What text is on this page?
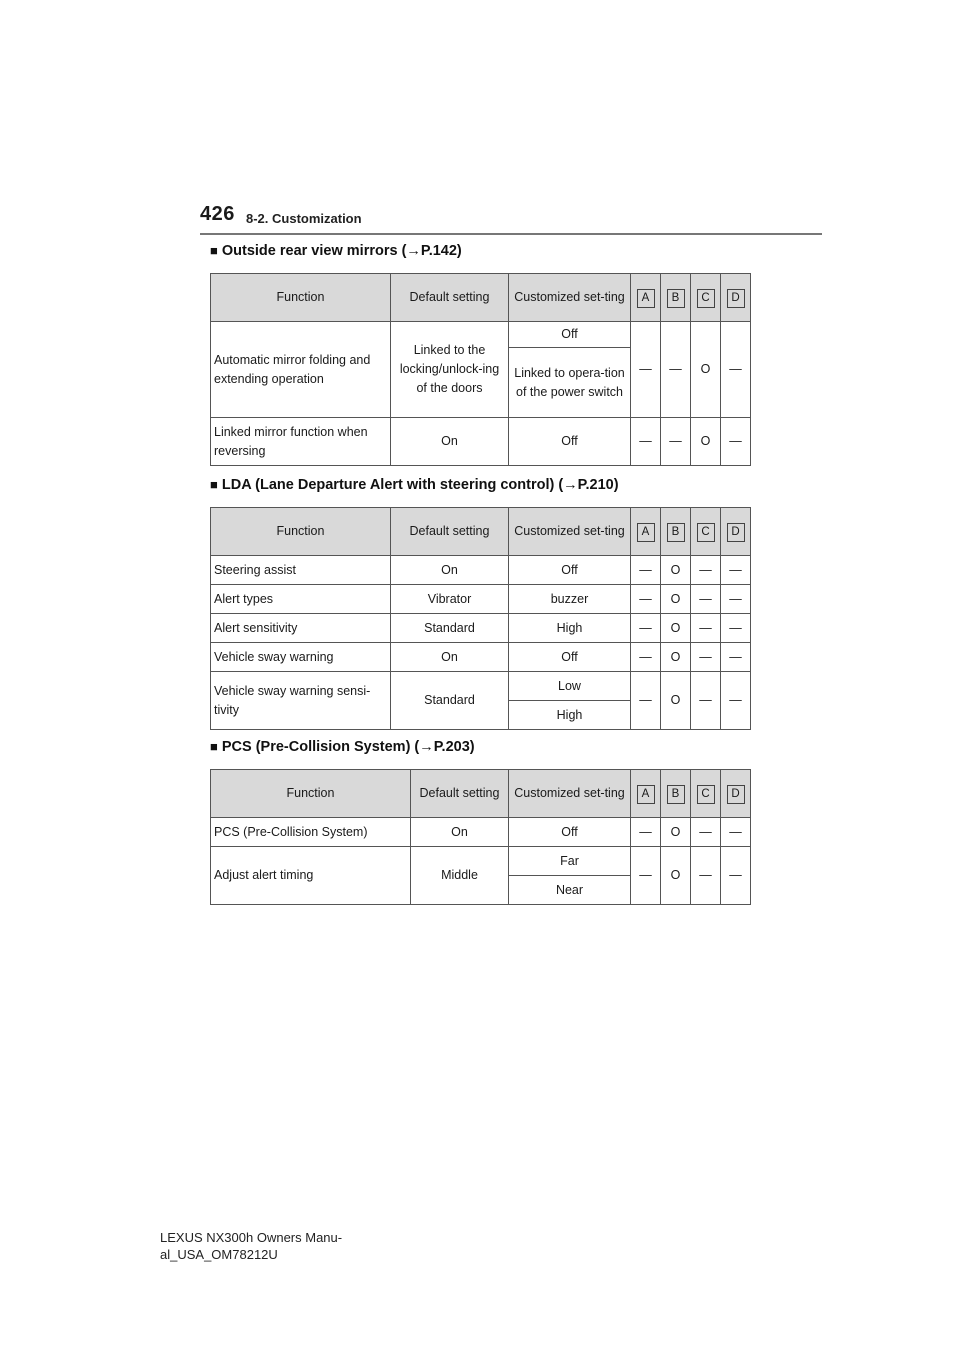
426 8-2. Customization
■ Outside rear view mirrors (→P.142)
Function	Default setting	Customized set-ting	A	B	C	D
Automatic mirror folding and extending operation	Linked to the locking/unlock-ing of the doors	Off	—	—	O	—
		Linked to opera-tion of the power switch				
Linked mirror function when reversing	On	Off	—	—	O	—
■ LDA (Lane Departure Alert with steering control) (→P.210)
Function	Default setting	Customized set-ting	A	B	C	D
Steering assist	On	Off	—	O	—	—
Alert types	Vibrator	buzzer	—	O	—	—
Alert sensitivity	Standard	High	—	O	—	—
Vehicle sway warning	On	Off	—	O	—	—
Vehicle sway warning sensi-tivity	Standard	Low	—	O	—	—
		High				
■ PCS (Pre-Collision System) (→P.203)
Function	Default setting	Customized set-ting	A	B	C	D
PCS (Pre-Collision System)	On	Off	—	O	—	—
Adjust alert timing	Middle	Far	—	O	—	—
		Near				
LEXUS NX300h Owners Manu-
al_USA_OM78212U
